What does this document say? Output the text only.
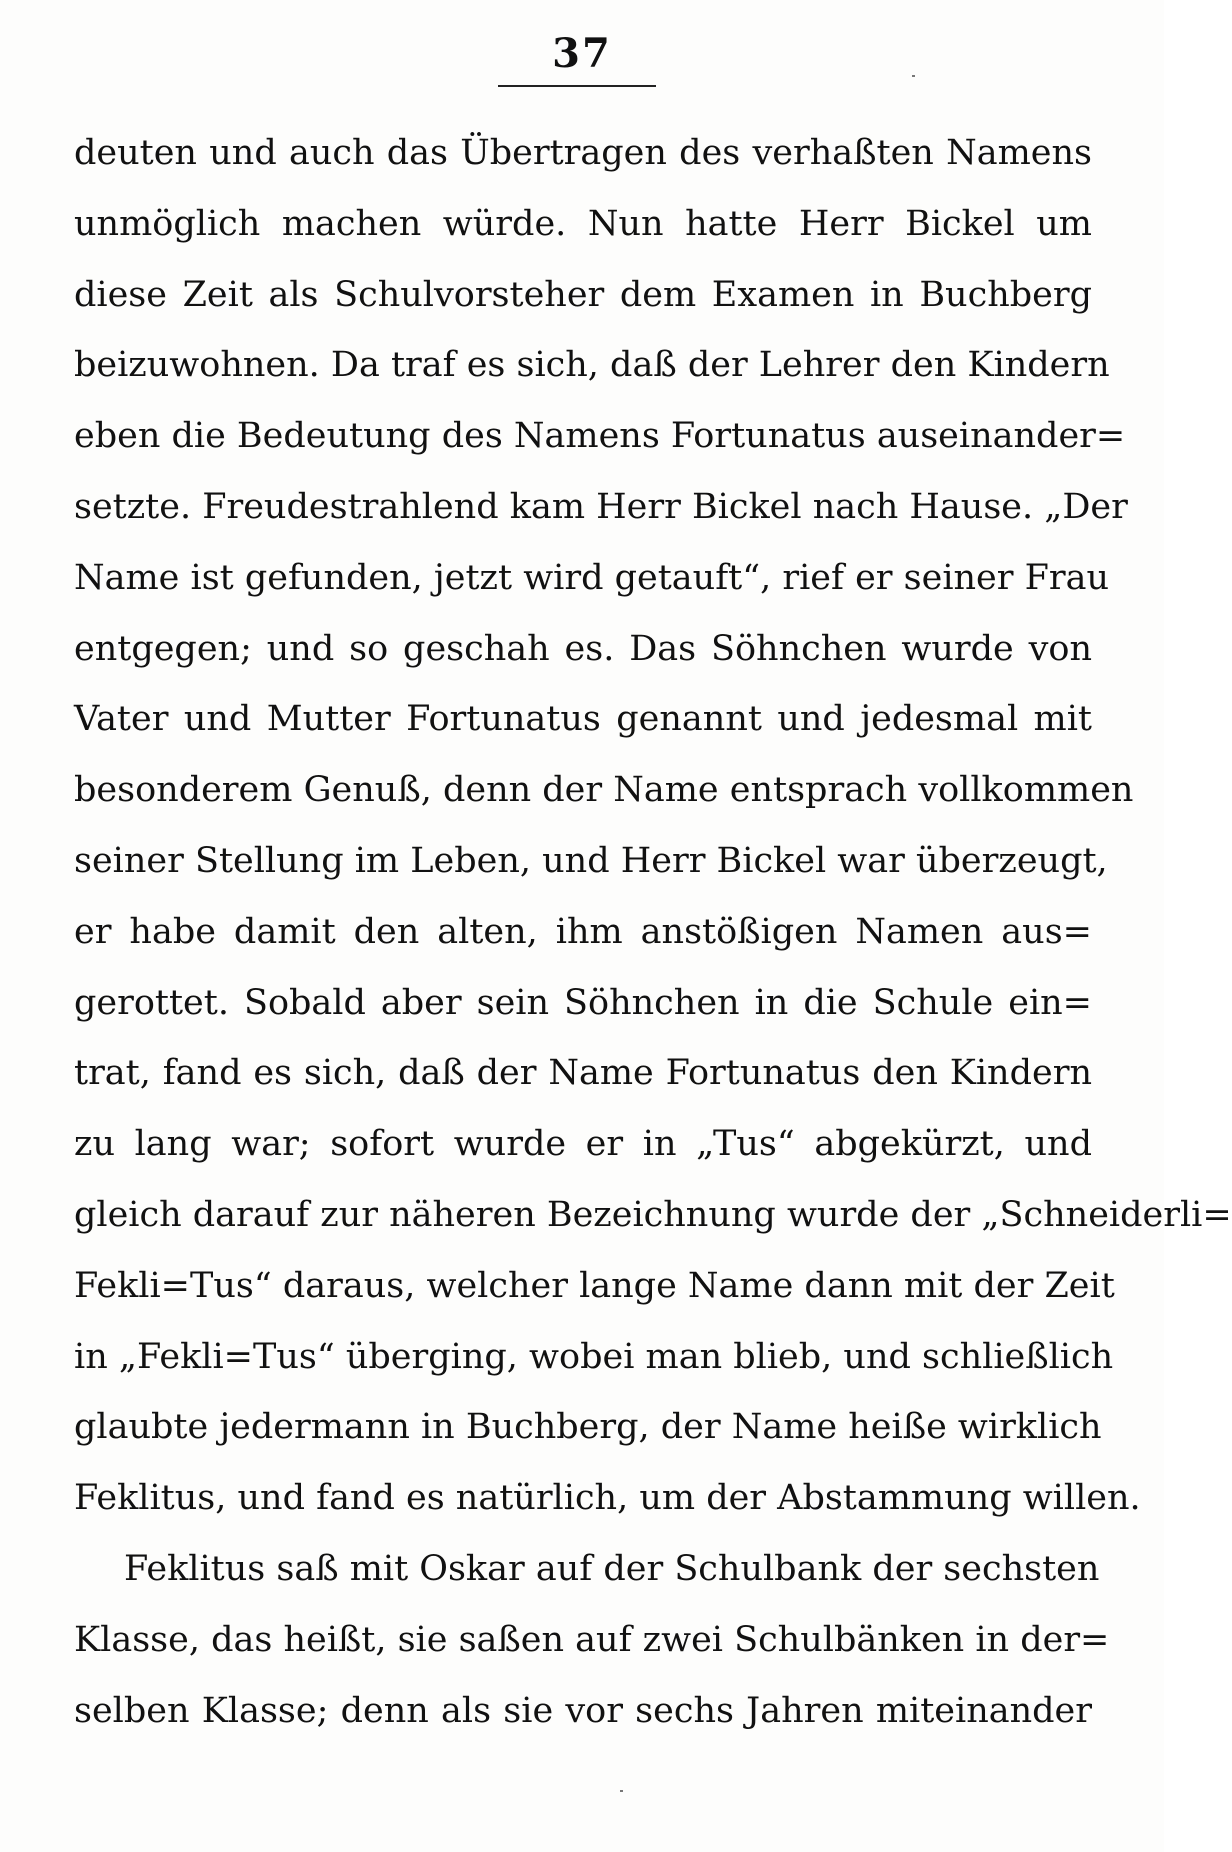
37
deuten und auch das Übertragen des verhaßten Namens
unmöglich machen würde. Nun hatte Herr Bickel um
diese Zeit als Schulvorsteher dem Examen in Buchberg
beizuwohnen. Da traf es sich, daß der Lehrer den Kindern
eben die Bedeutung des Namens Fortunatus auseinander=
setzte. Freudestrahlend kam Herr Bickel nach Hause. „Der
Name ist gefunden, jetzt wird getauft“, rief er seiner Frau
entgegen; und so geschah es. Das Söhnchen wurde von
Vater und Mutter Fortunatus genannt und jedesmal mit
besonderem Genuß, denn der Name entsprach vollkommen
seiner Stellung im Leben, und Herr Bickel war überzeugt,
er habe damit den alten, ihm anstößigen Namen aus=
gerottet. Sobald aber sein Söhnchen in die Schule ein=
trat, fand es sich, daß der Name Fortunatus den Kindern
zu lang war; sofort wurde er in „Tus“ abgekürzt, und
gleich darauf zur näheren Bezeichnung wurde der „Schneiderli=
Fekli=Tus“ daraus, welcher lange Name dann mit der Zeit
in „Fekli=Tus“ überging, wobei man blieb, und schließlich
glaubte jedermann in Buchberg, der Name heiße wirklich
Feklitus, und fand es natürlich, um der Abstammung willen.
Feklitus saß mit Oskar auf der Schulbank der sechsten
Klasse, das heißt, sie saßen auf zwei Schulbänken in der=
selben Klasse; denn als sie vor sechs Jahren miteinander
